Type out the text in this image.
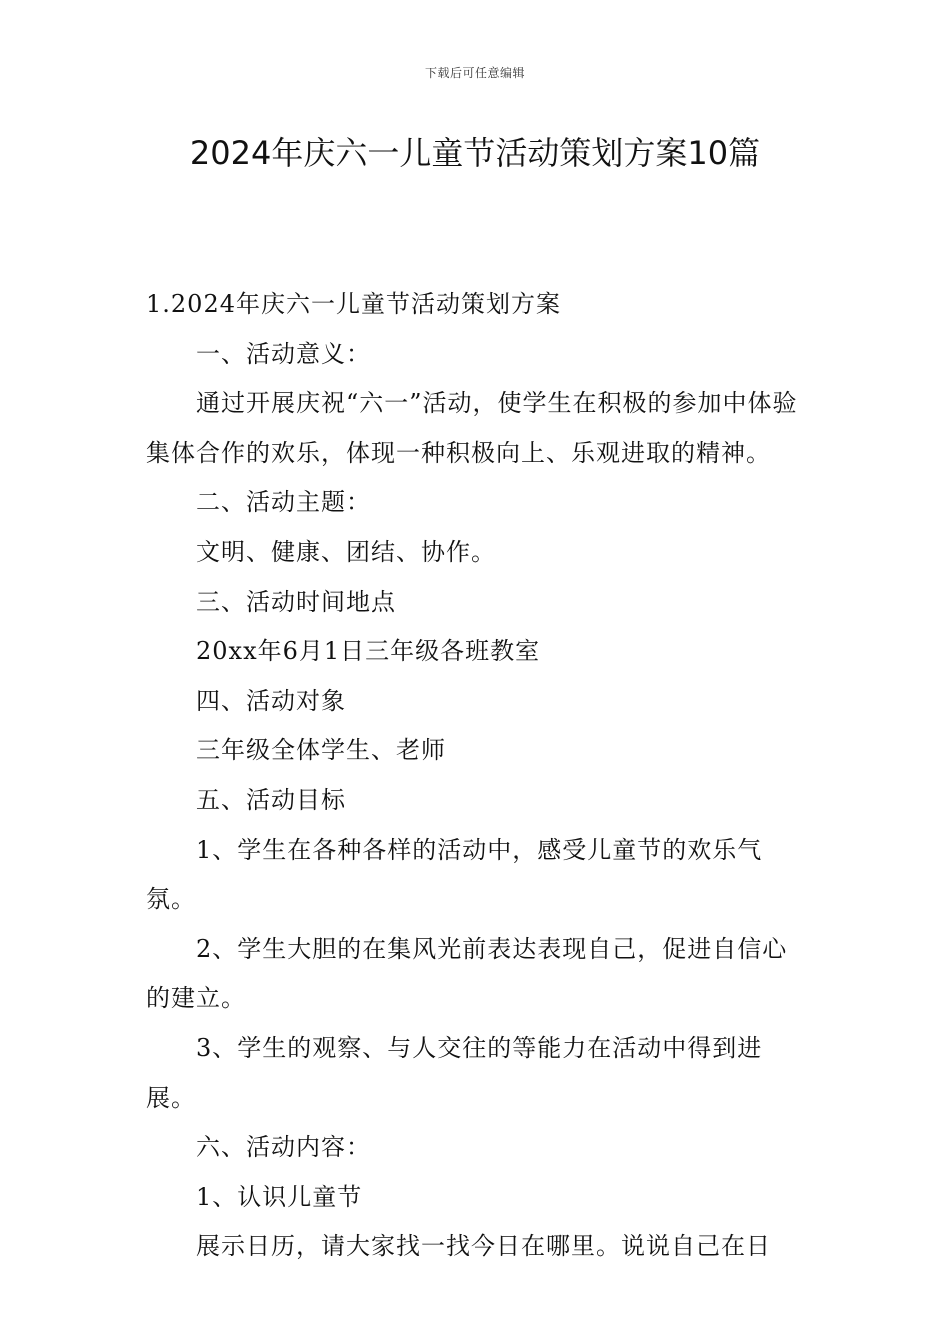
下载后可任意编辑
2024年庆六一儿童节活动策划方案10篇

1.2024年庆六一儿童节活动策划方案

一、活动意义：

通过开展庆祝“六一”活动，使学生在积极的参加中体验集体合作的欢乐，体现一种积极向上、乐观进取的精神。

二、活动主题：

文明、健康、团结、协作。

三、活动时间地点

20xx年6月1日三年级各班教室

四、活动对象

三年级全体学生、老师

五、活动目标

1、学生在各种各样的活动中，感受儿童节的欢乐气氛。

2、学生大胆的在集风光前表达表现自己，促进自信心的建立。

3、学生的观察、与人交往的等能力在活动中得到进展。

六、活动内容：

1、认识儿童节

展示日历，请大家找一找今日在哪里。说说自己在日
